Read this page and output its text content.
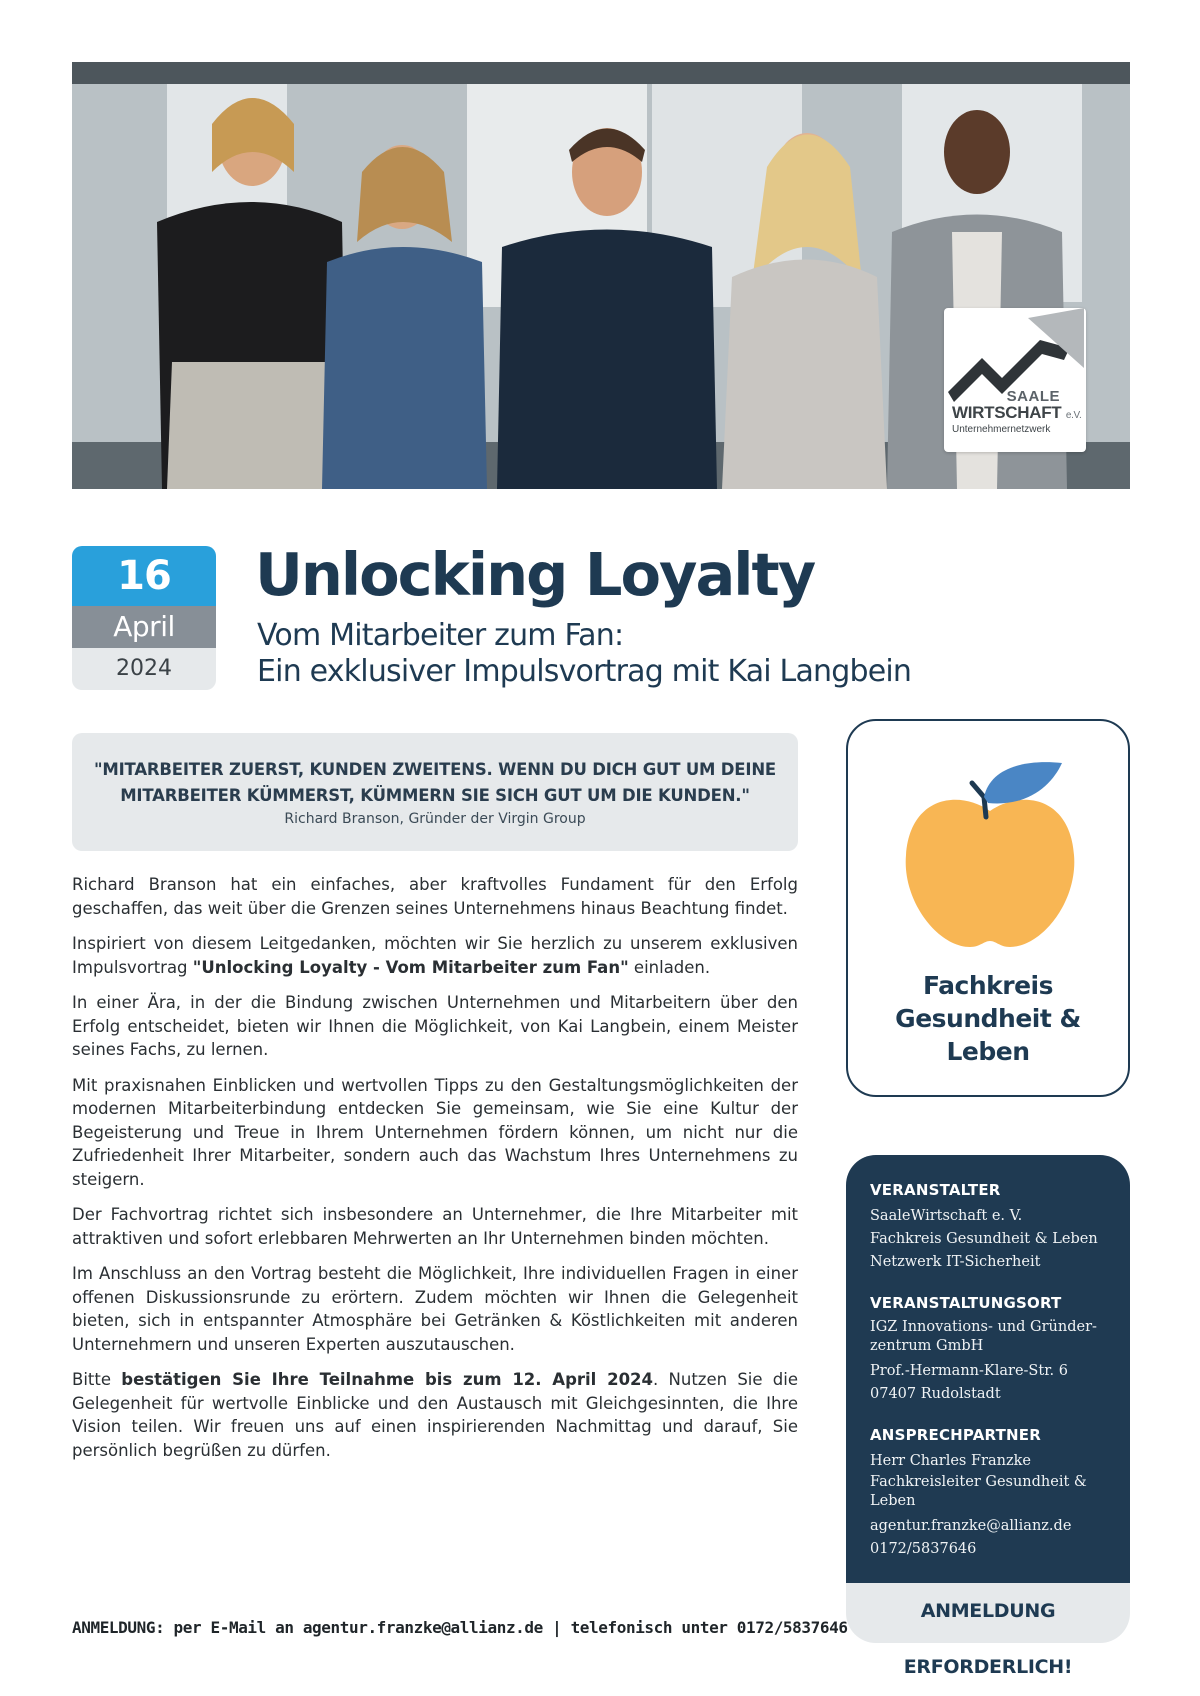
SAALE
WIRTSCHAFT e.V.
Unternehmernetzwerk
16
April
2024
Unlocking Loyalty
Vom Mitarbeiter zum Fan:
Ein exklusiver Impulsvortrag mit Kai Langbein
"MITARBEITER ZUERST, KUNDEN ZWEITENS. WENN DU DICH GUT UM DEINE
MITARBEITER KÜMMERST, KÜMMERN SIE SICH GUT UM DIE KUNDEN."
Richard Branson, Gründer der Virgin Group

Richard Branson hat ein einfaches, aber kraftvolles Fundament für den Erfolg geschaffen, das weit über die Grenzen seines Unternehmens hinaus Beachtung findet.

Inspiriert von diesem Leitgedanken, möchten wir Sie herzlich zu unserem exklusiven Impulsvortrag "Unlocking Loyalty - Vom Mitarbeiter zum Fan" einladen.

In einer Ära, in der die Bindung zwischen Unternehmen und Mitarbeitern über den Erfolg entscheidet, bieten wir Ihnen die Möglichkeit, von Kai Langbein, einem Meister seines Fachs, zu lernen.

Mit praxisnahen Einblicken und wertvollen Tipps zu den Gestaltungsmöglichkeiten der modernen Mitarbeiterbindung entdecken Sie gemeinsam, wie Sie eine Kultur der Begeisterung und Treue in Ihrem Unternehmen fördern können, um nicht nur die Zufriedenheit Ihrer Mitarbeiter, sondern auch das Wachstum Ihres Unternehmens zu steigern.

Der Fachvortrag richtet sich insbesondere an Unternehmer, die Ihre Mitarbeiter mit attraktiven und sofort erlebbaren Mehrwerten an Ihr Unternehmen binden möchten.

Im Anschluss an den Vortrag besteht die Möglichkeit, Ihre individuellen Fragen in einer offenen Diskussionsrunde zu erörtern. Zudem möchten wir Ihnen die Gelegenheit bieten, sich in entspannter Atmosphäre bei Getränken & Köstlichkeiten mit anderen Unternehmern und unseren Experten auszutauschen.

Bitte bestätigen Sie Ihre Teilnahme bis zum 12. April 2024. Nutzen Sie die Gelegenheit für wertvolle Einblicke und den Austausch mit Gleichgesinnten, die Ihre Vision teilen. Wir freuen uns auf einen inspirierenden Nachmittag und darauf, Sie persönlich begrüßen zu dürfen.

ANMELDUNG: per E-Mail an agentur.franzke@allianz.de | telefonisch unter 0172/5837646
Fachkreis
Gesundheit &
Leben
VERANSTALTER
SaaleWirtschaft e. V.
Fachkreis Gesundheit & Leben
Netzwerk IT-Sicherheit
VERANSTALTUNGSORT
IGZ Innovations- und Gründer-
zentrum GmbH
Prof.-Hermann-Klare-Str. 6
07407 Rudolstadt
ANSPRECHPARTNER
Herr Charles Franzke
Fachkreisleiter Gesundheit &
Leben
agentur.franzke@allianz.de
0172/5837646
ANMELDUNG ERFORDERLICH!
